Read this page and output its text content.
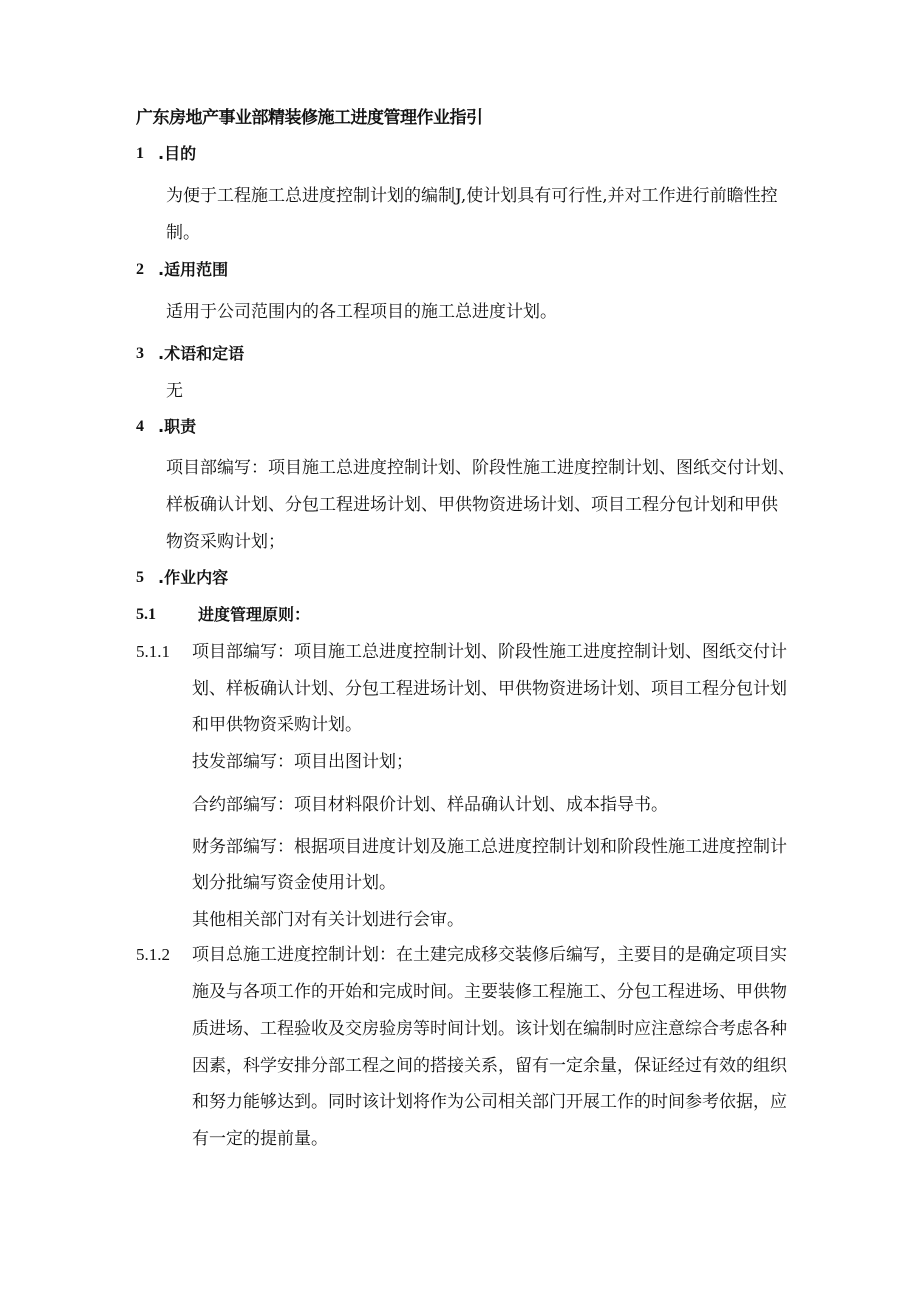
广东房地产事业部精装修施工进度管理作业指引
1 .目的
为便于工程施工总进度控制计划的编制J,使计划具有可行性,并对工作进行前瞻性控
制。
2 .适用范围
适用于公司范围内的各工程项目的施工总进度计划。
3 .术语和定语
无
4 .职责
项目部编写：项目施工总进度控制计划、阶段性施工进度控制计划、图纸交付计划、
样板确认计划、分包工程进场计划、甲供物资进场计划、项目工程分包计划和甲供
物资采购计划；
5 .作业内容
5.1	进度管理原则：
5.1.1 项目部编写：项目施工总进度控制计划、阶段性施工进度控制计划、图纸交付计
划、样板确认计划、分包工程进场计划、甲供物资进场计划、项目工程分包计划
和甲供物资采购计划。
技发部编写：项目出图计划；
合约部编写：项目材料限价计划、样品确认计划、成本指导书。
财务部编写：根据项目进度计划及施工总进度控制计划和阶段性施工进度控制计
划分批编写资金使用计划。
其他相关部门对有关计划进行会审。
5.1.2 项目总施工进度控制计划：在土建完成移交装修后编写，主要目的是确定项目实
施及与各项工作的开始和完成时间。主要装修工程施工、分包工程进场、甲供物
质进场、工程验收及交房验房等时间计划。该计划在编制时应注意综合考虑各种
因素，科学安排分部工程之间的搭接关系，留有一定余量，保证经过有效的组织
和努力能够达到。同时该计划将作为公司相关部门开展工作的时间参考依据，应
有一定的提前量。
